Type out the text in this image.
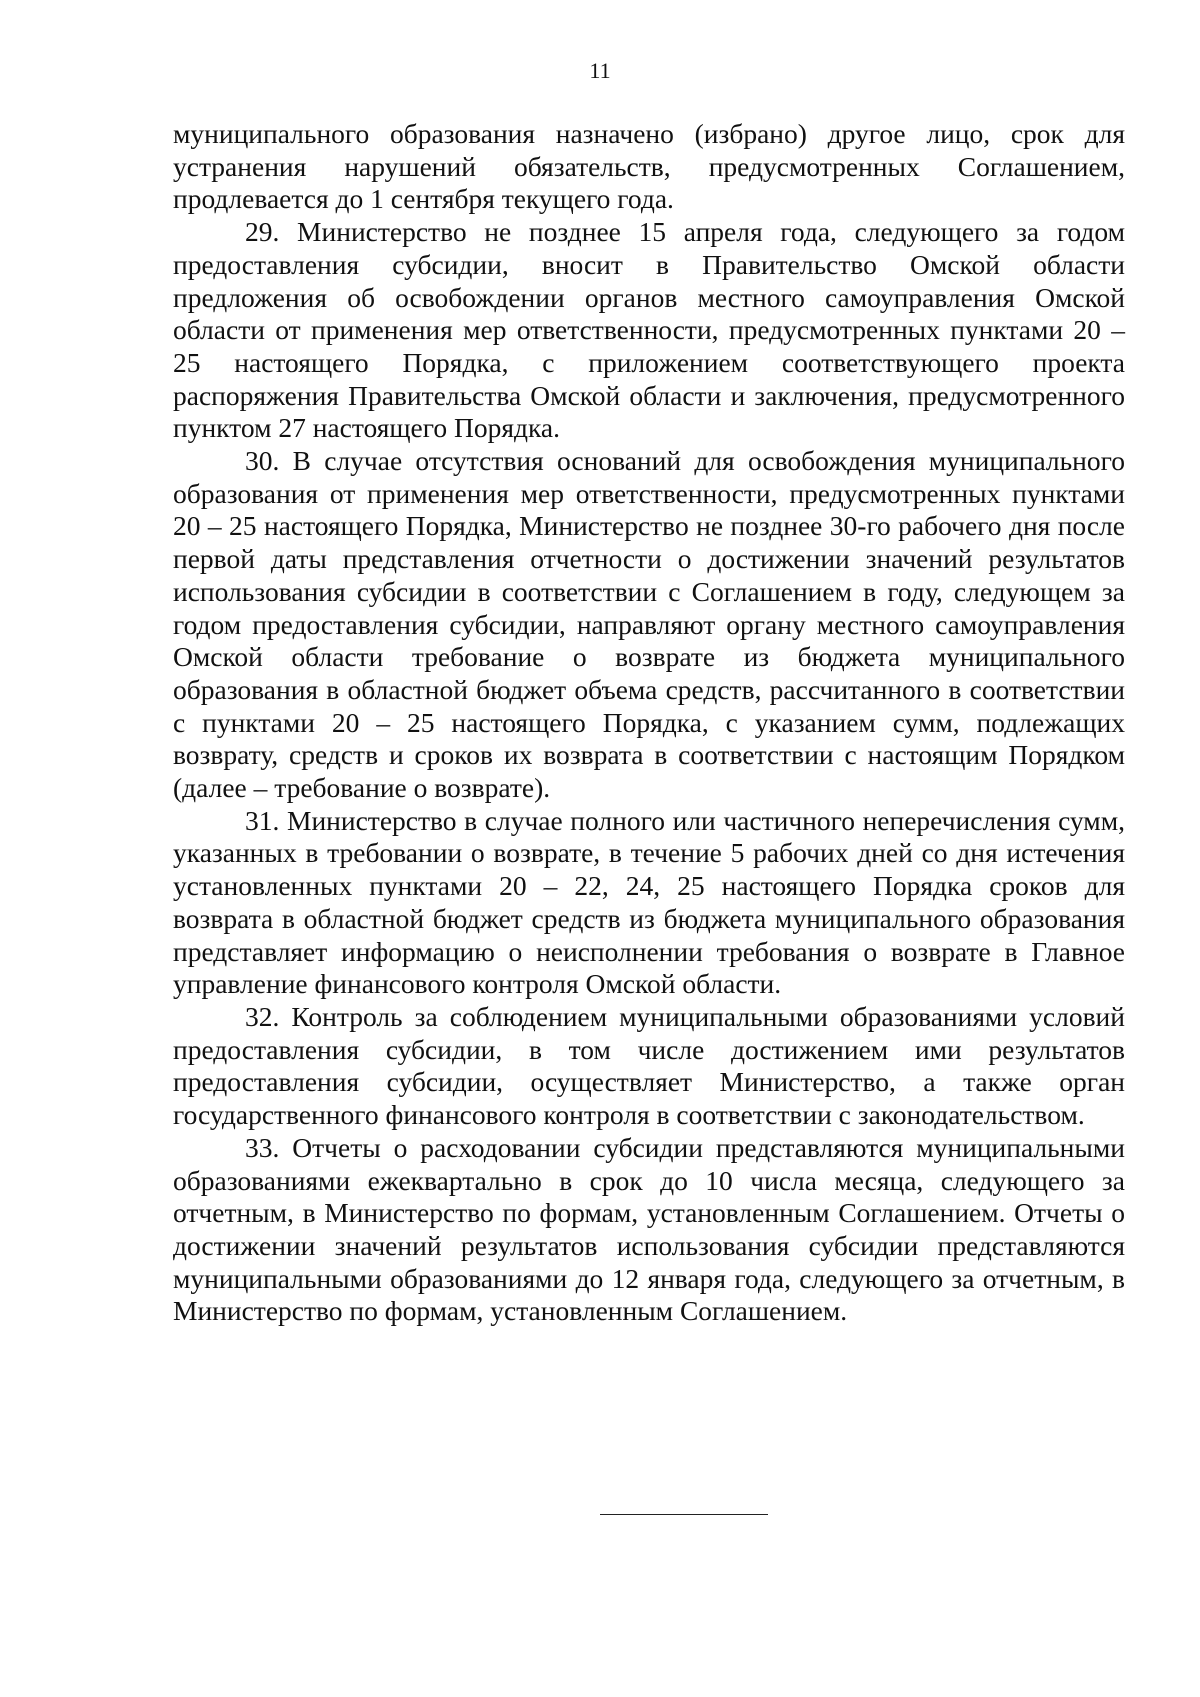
11

муниципального образования назначено (избрано) другое лицо, срок для устранения нарушений обязательств, предусмотренных Соглашением, продлевается до 1 сентября текущего года.

29. Министерство не позднее 15 апреля года, следующего за годом предоставления субсидии, вносит в Правительство Омской области предложения об освобождении органов местного самоуправления Омской области от применения мер ответственности, предусмотренных пунктами 20 – 25 настоящего Порядка, с приложением соответствующего проекта распоряжения Правительства Омской области и заключения, предусмотренного пунктом 27 настоящего Порядка.

30. В случае отсутствия оснований для освобождения муниципального образования от применения мер ответственности, предусмотренных пунктами 20 – 25 настоящего Порядка, Министерство не позднее 30-го рабочего дня после первой даты представления отчетности о достижении значений результатов использования субсидии в соответствии с Соглашением в году, следующем за годом предоставления субсидии, направляют органу местного самоуправления Омской области требование о возврате из бюджета муниципального образования в областной бюджет объема средств, рассчитанного в соответствии с пунктами 20 – 25 настоящего Порядка, с указанием сумм, подлежащих возврату, средств и сроков их возврата в соответствии с настоящим Порядком (далее – требование о возврате).

31. Министерство в случае полного или частичного неперечисления сумм, указанных в требовании о возврате, в течение 5 рабочих дней со дня истечения установленных пунктами 20 – 22, 24, 25 настоящего Порядка сроков для возврата в областной бюджет средств из бюджета муниципального образования представляет информацию о неисполнении требования о возврате в Главное управление финансового контроля Омской области.

32. Контроль за соблюдением муниципальными образованиями условий предоставления субсидии, в том числе достижением ими результатов предоставления субсидии, осуществляет Министерство, а также орган государственного финансового контроля в соответствии с законодательством.

33. Отчеты о расходовании субсидии представляются муниципальными образованиями ежеквартально в срок до 10 числа месяца, следующего за отчетным, в Министерство по формам, установленным Соглашением. Отчеты о достижении значений результатов использования субсидии представляются муниципальными образованиями до 12 января года, следующего за отчетным, в Министерство по формам, установленным Соглашением.
